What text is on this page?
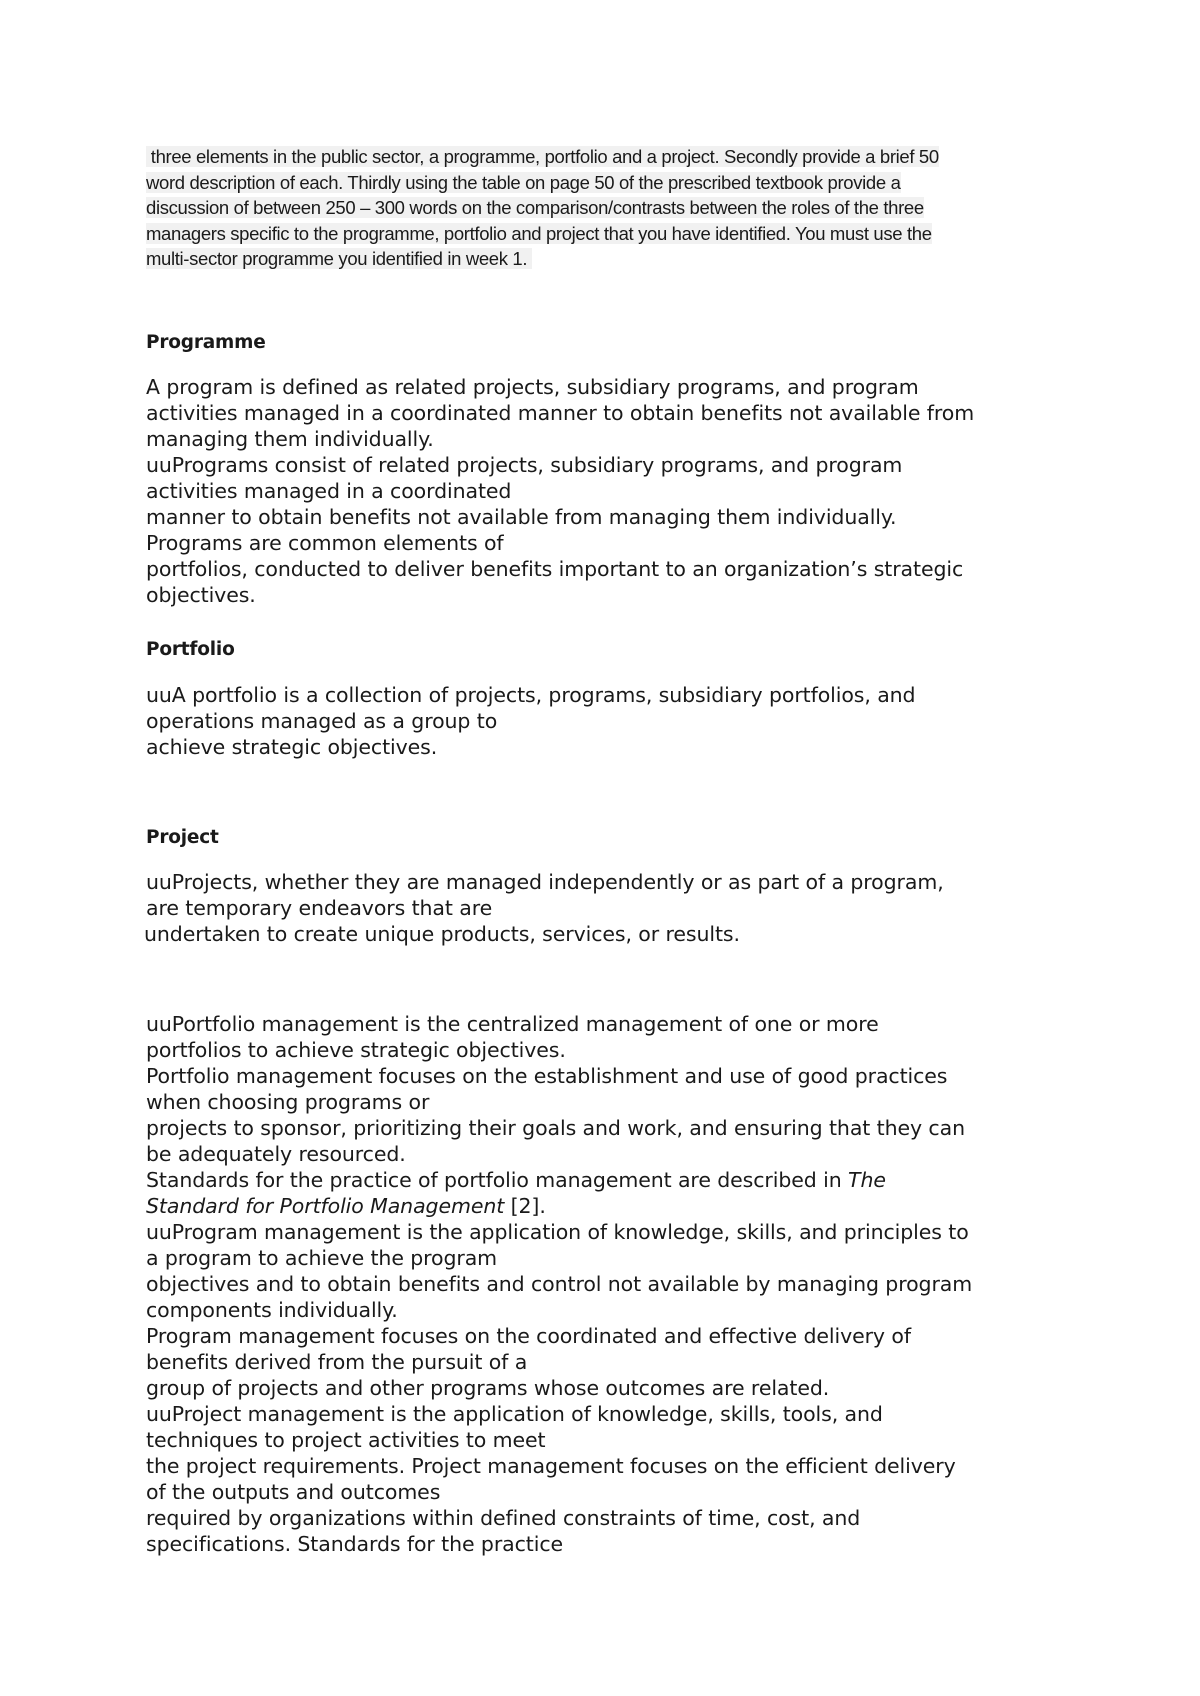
three elements in the public sector, a programme, portfolio and a project. Secondly provide a brief 50
word description of each. Thirdly using the table on page 50 of the prescribed textbook provide a
discussion of between 250 – 300 words on the comparison/contrasts between the roles of the three
managers specific to the programme, portfolio and project that you have identified. You must use the
multi-sector programme you identified in week 1.
Programme
A program is defined as related projects, subsidiary programs, and program
activities managed in a coordinated manner to obtain benefits not available from
managing them individually.
uuPrograms consist of related projects, subsidiary programs, and program
activities managed in a coordinated
manner to obtain benefits not available from managing them individually.
Programs are common elements of
portfolios, conducted to deliver benefits important to an organization’s strategic
objectives.
Portfolio
uuA portfolio is a collection of projects, programs, subsidiary portfolios, and
operations managed as a group to
achieve strategic objectives.
Project
uuProjects, whether they are managed independently or as part of a program,
are temporary endeavors that are
undertaken to create unique products, services, or results.
uuPortfolio management is the centralized management of one or more
portfolios to achieve strategic objectives.
Portfolio management focuses on the establishment and use of good practices
when choosing programs or
projects to sponsor, prioritizing their goals and work, and ensuring that they can
be adequately resourced.
Standards for the practice of portfolio management are described in The
Standard for Portfolio Management [2].
uuProgram management is the application of knowledge, skills, and principles to
a program to achieve the program
objectives and to obtain benefits and control not available by managing program
components individually.
Program management focuses on the coordinated and effective delivery of
benefits derived from the pursuit of a
group of projects and other programs whose outcomes are related.
uuProject management is the application of knowledge, skills, tools, and
techniques to project activities to meet
the project requirements. Project management focuses on the efficient delivery
of the outputs and outcomes
required by organizations within defined constraints of time, cost, and
specifications. Standards for the practice
